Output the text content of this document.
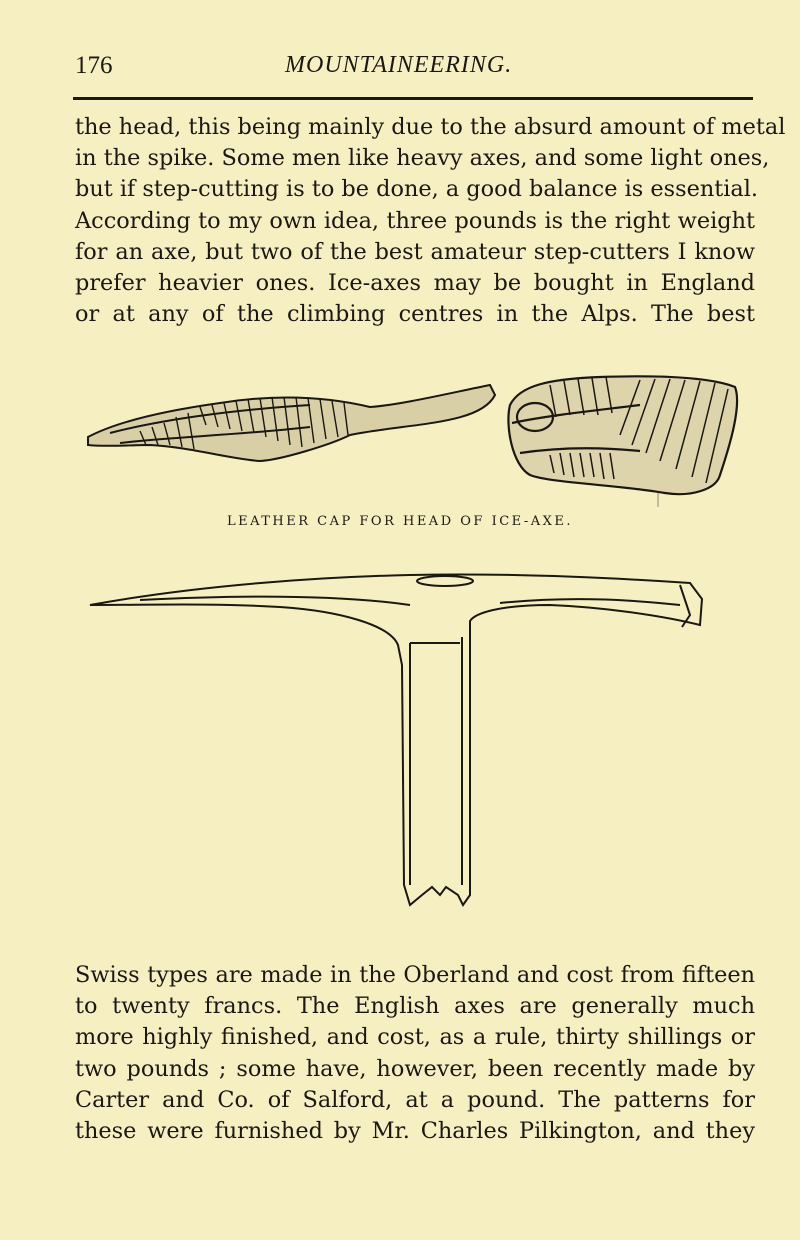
176	MOUNTAINEERING.
the head, this being mainly due to the absurd amount of metal
in the spike. Some men like heavy axes, and some light ones,
but if step-cutting is to be done, a good balance is essential.
According to my own idea, three pounds is the right weight
for an axe, but two of the best amateur step-cutters I know
prefer heavier ones. Ice-axes may be bought in England
or at any of the climbing centres in the Alps. The best
LEATHER CAP FOR HEAD OF ICE-AXE.
Swiss types are made in the Oberland and cost from fifteen
to twenty francs. The English axes are generally much
more highly finished, and cost, as a rule, thirty shillings or
two pounds ; some have, however, been recently made by
Carter and Co. of Salford, at a pound. The patterns for
these were furnished by Mr. Charles Pilkington, and they
